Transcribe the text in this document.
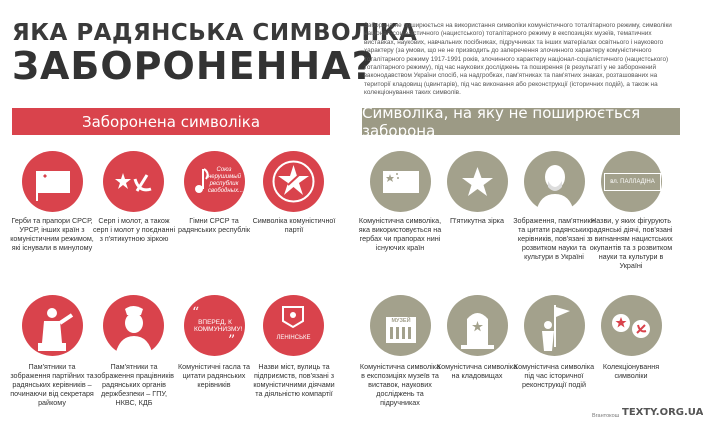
ЯКА РАДЯНСЬКА СИМВОЛІКА
ЗАБОРОНЕННА?
Заборона не поширюється на використання символіки комуністичного тоталітарного режиму, символіки націонал-соціалістичного (нацистського) тоталітарного режиму в експозиціях музеїв, тематичних виставках, наукових, навчальних посібниках, підручниках та інших матеріалах освітнього і наукового характеру (за умови, що не не призводить до заперечення злочинного характеру комуністичного тоталітарного режиму 1917-1991 років, злочинного характеру націонал-соціалістичного (нацистського) тоталітарного режиму), під час наукових досліджень та поширення (в результаті у не заборонений законодавством України спосіб, на надгробках, пам'ятниках та пам'ятних знаках, розташованих на території кладовищ (цвинтарів), під час виконання або реконструкції (історичних подій), а також на колекціонування таких символів.
Заборонена символіка	Символіка, на яку не поширюється заборона
Герби та прапори СРСР, УРСР, інших країн з комуністичним режимом, які існували в минулому
Серп і молот, а також серп і молот у поєднанні з п'ятикутною зіркою
Союз нерушимый республик свободных...
Гімни СРСР та радянських республік
Символіка комуністичної партії
Пам'ятники та зображення партійних та радянських керівників – починаючи від секретаря райкому
Пам'ятники та зображення працівників радянських органів держбезпеки – ГПУ, НКВС, КДБ
“
”
ВПЕРЕД, К КОММУНИЗМУ!
Комуністичні гасла та цитати радянських керівників
ЛЕНІНСЬКЕ
Назви міст, вулиць та підприємств, пов'язані з комуністичними діячами та діяльністю компартії
Комуністична символіка, яка використовується на гербах чи прапорах нині існуючих країн
П'ятикутна зірка	Зображення, пам'ятники та цитати радянських керівників, пов'язані з розвитком науки та культури в Україні
вл. ПАЛЛАДІНА
Назви, у яких фігурують радянські діячі, пов'язані з вигнанням нацистських окупантів та з розвитком науки та культури в Україні
МУЗЕЙ
Комуністична символіка в експозиціях музеїв та виставок, наукових досліджень та підручниках
Комуністична символіка на кладовищах
Комуністична символіка під час історичної реконструкції подій
Колекціонування символіки
Вгантокош TEXTY.ORG.UA
